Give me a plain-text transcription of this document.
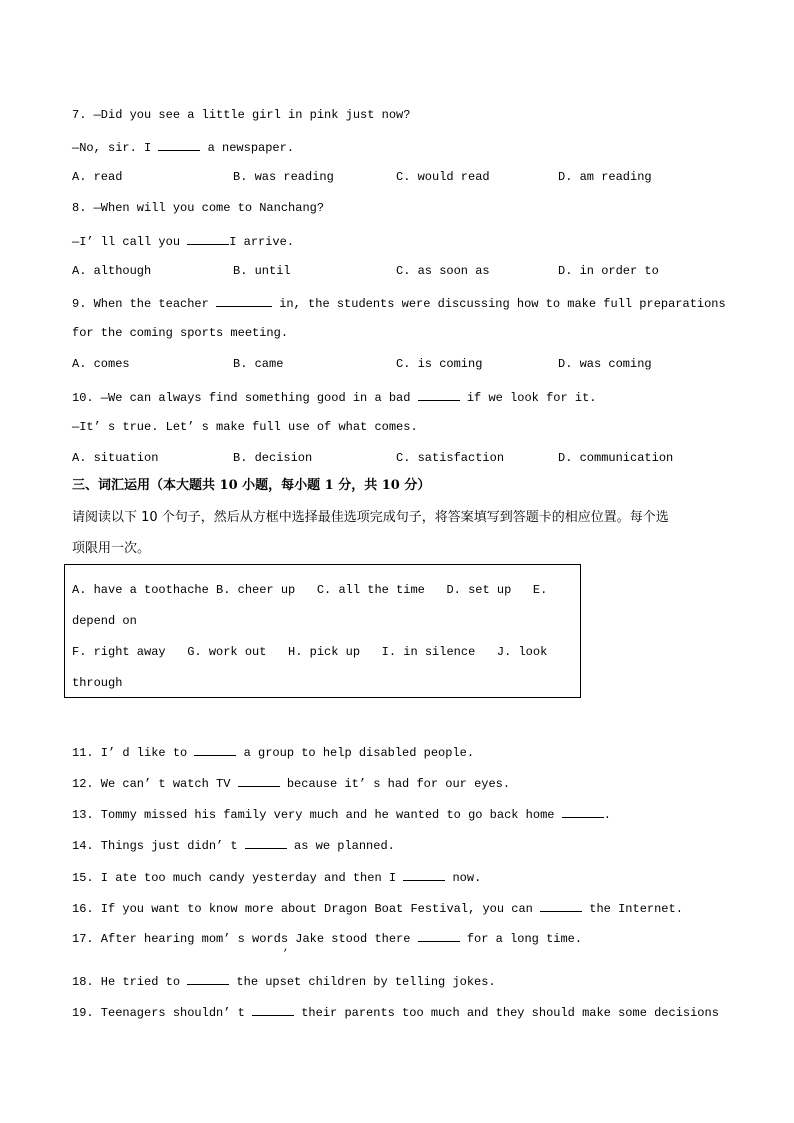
7. —Did you see a little girl in pink just now?
—No, sir. I	a newspaper.
A. read	B. was reading	C. would read	D. am reading
8. —When will you come to Nanchang?
—I’ ll call you	I arrive.
A. although	B. until	C. as soon as	D. in order to
9. When the teacher	in, the students were discussing how to make full preparations
for the coming sports meeting.
A. comes	B. came	C. is coming	D. was coming
10. —We can always find something good in a bad	if we look for it.
—It’ s true. Let’ s make full use of what comes.
A. situation	B. decision	C. satisfaction	D. communication
三、词汇运用（本大题共 10 小题，每小题 1 分，共 10 分）
请阅读以下 10 个句子，然后从方框中选择最佳选项完成句子，将答案填写到答题卡的相应位置。每个选
项限用一次。
A. have a toothache B. cheer up   C. all the time   D. set up   E.
depend on
F. right away   G. work out   H. pick up   I. in silence   J. look
through
11. I’ d like to	a group to help disabled people.
12. We can’ t watch TV	because it’ s had for our eyes.
13. Tommy missed his family very much and he wanted to go back home	.
14. Things just didn’ t	as we planned.
15. I ate too much candy yesterday and then I	now.
16. If you want to know more about Dragon Boat Festival, you can	the Internet.
17. After hearing mom’ s words Jake stood there	for a long time.
,
18. He tried to	the upset children by telling jokes.
19. Teenagers shouldn’ t	their parents too much and they should make some decisions
